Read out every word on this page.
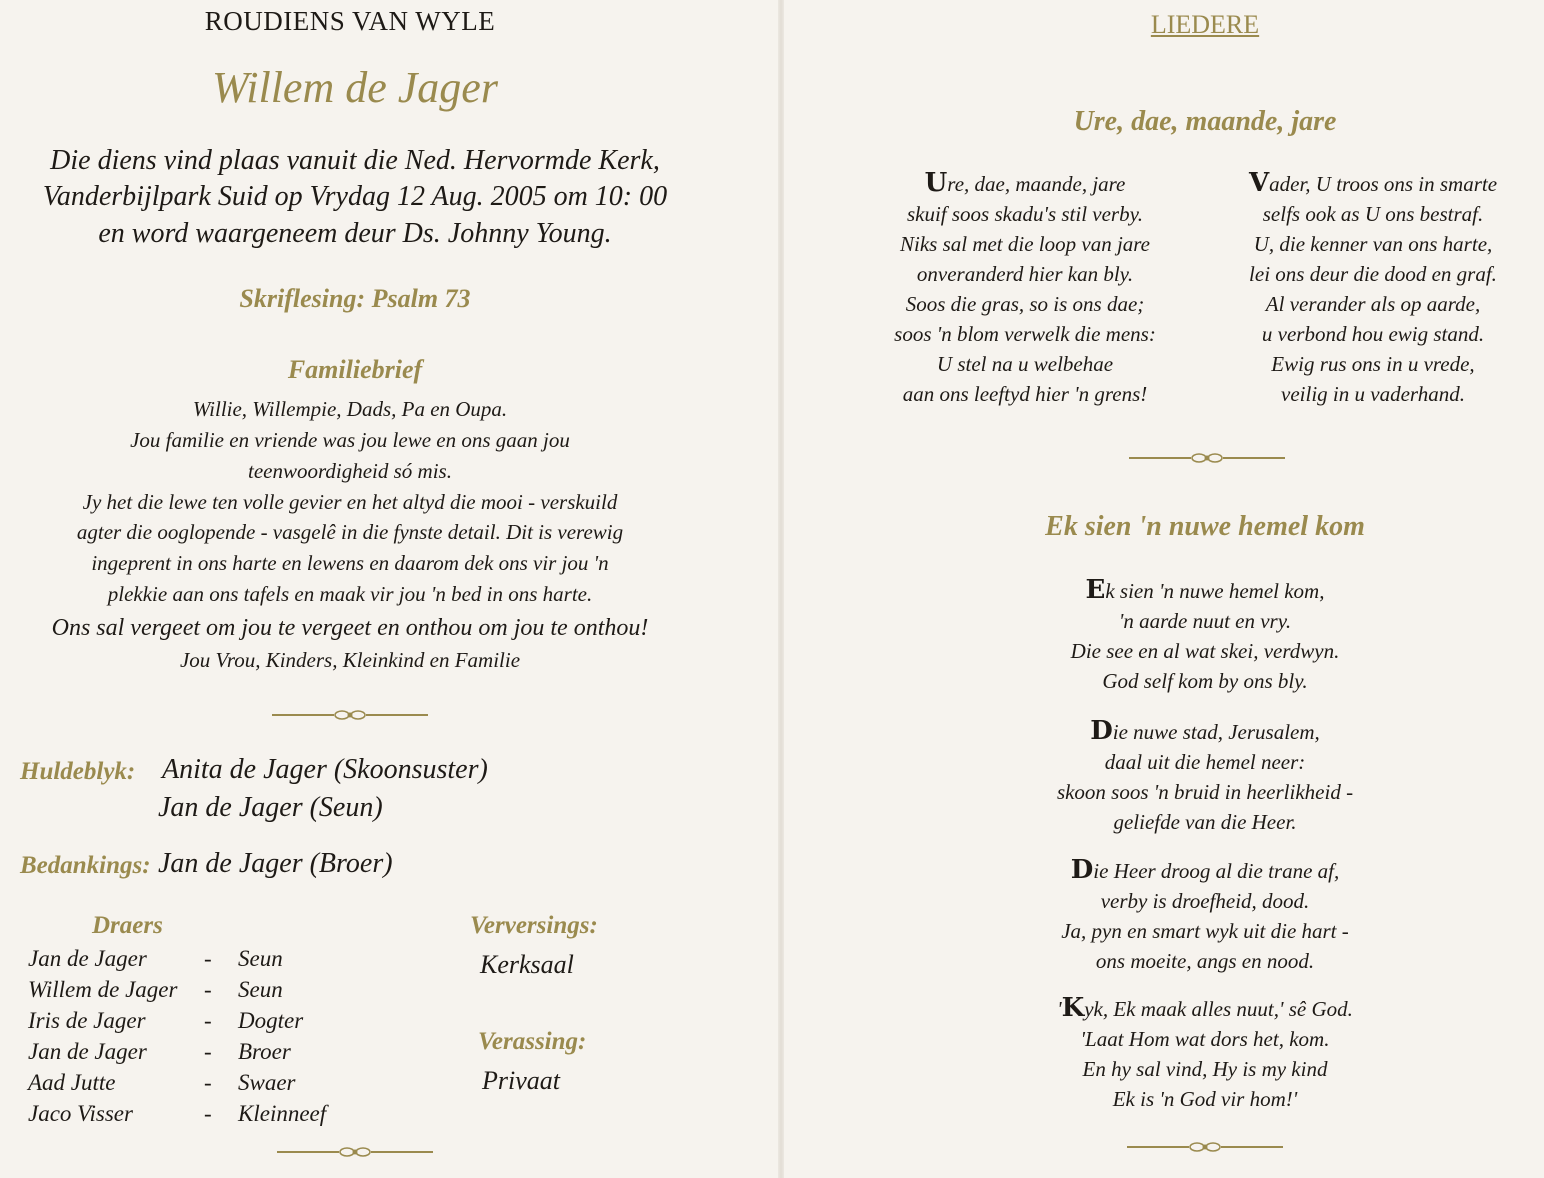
ROUDIENS VAN WYLE
Willem de Jager
Die diens vind plaas vanuit die Ned. Hervormde Kerk,
Vanderbijlpark Suid op Vrydag 12 Aug. 2005 om 10: 00
en word waargeneem deur Ds. Johnny Young.
Skriflesing: Psalm 73
Familiebrief
Willie, Willempie, Dads, Pa en Oupa.
Jou familie en vriende was jou lewe en ons gaan jou
teenwoordigheid só mis.
Jy het die lewe ten volle gevier en het altyd die mooi - verskuild
agter die ooglopende - vasgelê in die fynste detail. Dit is verewig
ingeprent in ons harte en lewens en daarom dek ons vir jou 'n
plekkie aan ons tafels en maak vir jou 'n bed in ons harte.
Ons sal vergeet om jou te vergeet en onthou om jou te onthou!
Jou Vrou, Kinders, Kleinkind en Familie
Huldeblyk: Anita de Jager (Skoonsuster)
Jan de Jager (Seun)
Bedankings: Jan de Jager (Broer)
Draers
Jan de Jager - Seun
Willem de Jager - Seun
Iris de Jager	- Dogter
Jan de Jager - Broer
Aad Jutte	- Swaer
Jaco Visser	- Kleinneef
Verversings:
Kerksaal
Verassing:
Privaat
LIEDERE
Ure, dae, maande, jare
Ure, dae, maande, jare
skuif soos skadu's stil verby.
Niks sal met die loop van jare
onveranderd hier kan bly.
Soos die gras, so is ons dae;
soos 'n blom verwelk die mens:
U stel na u welbehae
aan ons leeftyd hier 'n grens!
Vader, U troos ons in smarte
selfs ook as U ons bestraf.
U, die kenner van ons harte,
lei ons deur die dood en graf.
Al verander als op aarde,
u verbond hou ewig stand.
Ewig rus ons in u vrede,
veilig in u vaderhand.
Ek sien 'n nuwe hemel kom
Ek sien 'n nuwe hemel kom,
'n aarde nuut en vry.
Die see en al wat skei, verdwyn.
God self kom by ons bly.
Die nuwe stad, Jerusalem,
daal uit die hemel neer:
skoon soos 'n bruid in heerlikheid -
geliefde van die Heer.
Die Heer droog al die trane af,
verby is droefheid, dood.
Ja, pyn en smart wyk uit die hart -
ons moeite, angs en nood.
'Kyk, Ek maak alles nuut,' sê God.
'Laat Hom wat dors het, kom.
En hy sal vind, Hy is my kind
Ek is 'n God vir hom!'
